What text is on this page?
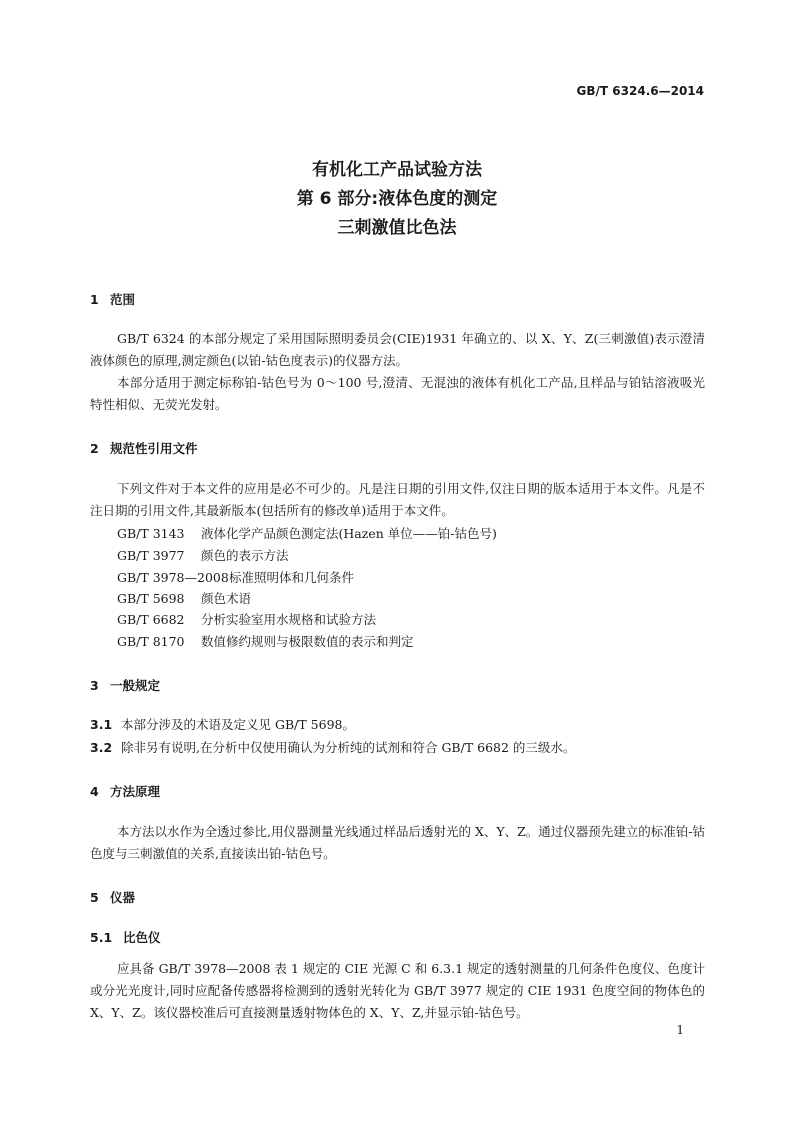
GB/T 6324.6—2014
有机化工产品试验方法
第 6 部分:液体色度的测定
三刺激值比色法
1 范围
GB/T 6324 的本部分规定了采用国际照明委员会(CIE)1931 年确立的、以 X、Y、Z(三刺激值)表示澄清液体颜色的原理,测定颜色(以铂-钴色度表示)的仪器方法。
本部分适用于测定标称铂-钴色号为 0～100 号,澄清、无混浊的液体有机化工产品,且样品与铂钴溶液吸光特性相似、无荧光发射。
2 规范性引用文件
下列文件对于本文件的应用是必不可少的。凡是注日期的引用文件,仅注日期的版本适用于本文件。凡是不注日期的引用文件,其最新版本(包括所有的修改单)适用于本文件。
GB/T 3143 液体化学产品颜色测定法(Hazen 单位——铂-钴色号)
GB/T 3977 颜色的表示方法
GB/T 3978—2008标准照明体和几何条件
GB/T 5698 颜色术语
GB/T 6682 分析实验室用水规格和试验方法
GB/T 8170 数值修约规则与极限数值的表示和判定
3 一般规定
3.1 本部分涉及的术语及定义见 GB/T 5698。
3.2 除非另有说明,在分析中仅使用确认为分析纯的试剂和符合 GB/T 6682 的三级水。
4 方法原理
本方法以水作为全透过参比,用仪器测量光线通过样品后透射光的 X、Y、Z。通过仪器预先建立的标准铂-钴色度与三刺激值的关系,直接读出铂-钴色号。
5 仪器
5.1 比色仪
应具备 GB/T 3978—2008 表 1 规定的 CIE 光源 C 和 6.3.1 规定的透射测量的几何条件色度仪、色度计或分光光度计,同时应配备传感器将检测到的透射光转化为 GB/T 3977 规定的 CIE 1931 色度空间的物体色的 X、Y、Z。该仪器校准后可直接测量透射物体色的 X、Y、Z,并显示铂-钴色号。
1
